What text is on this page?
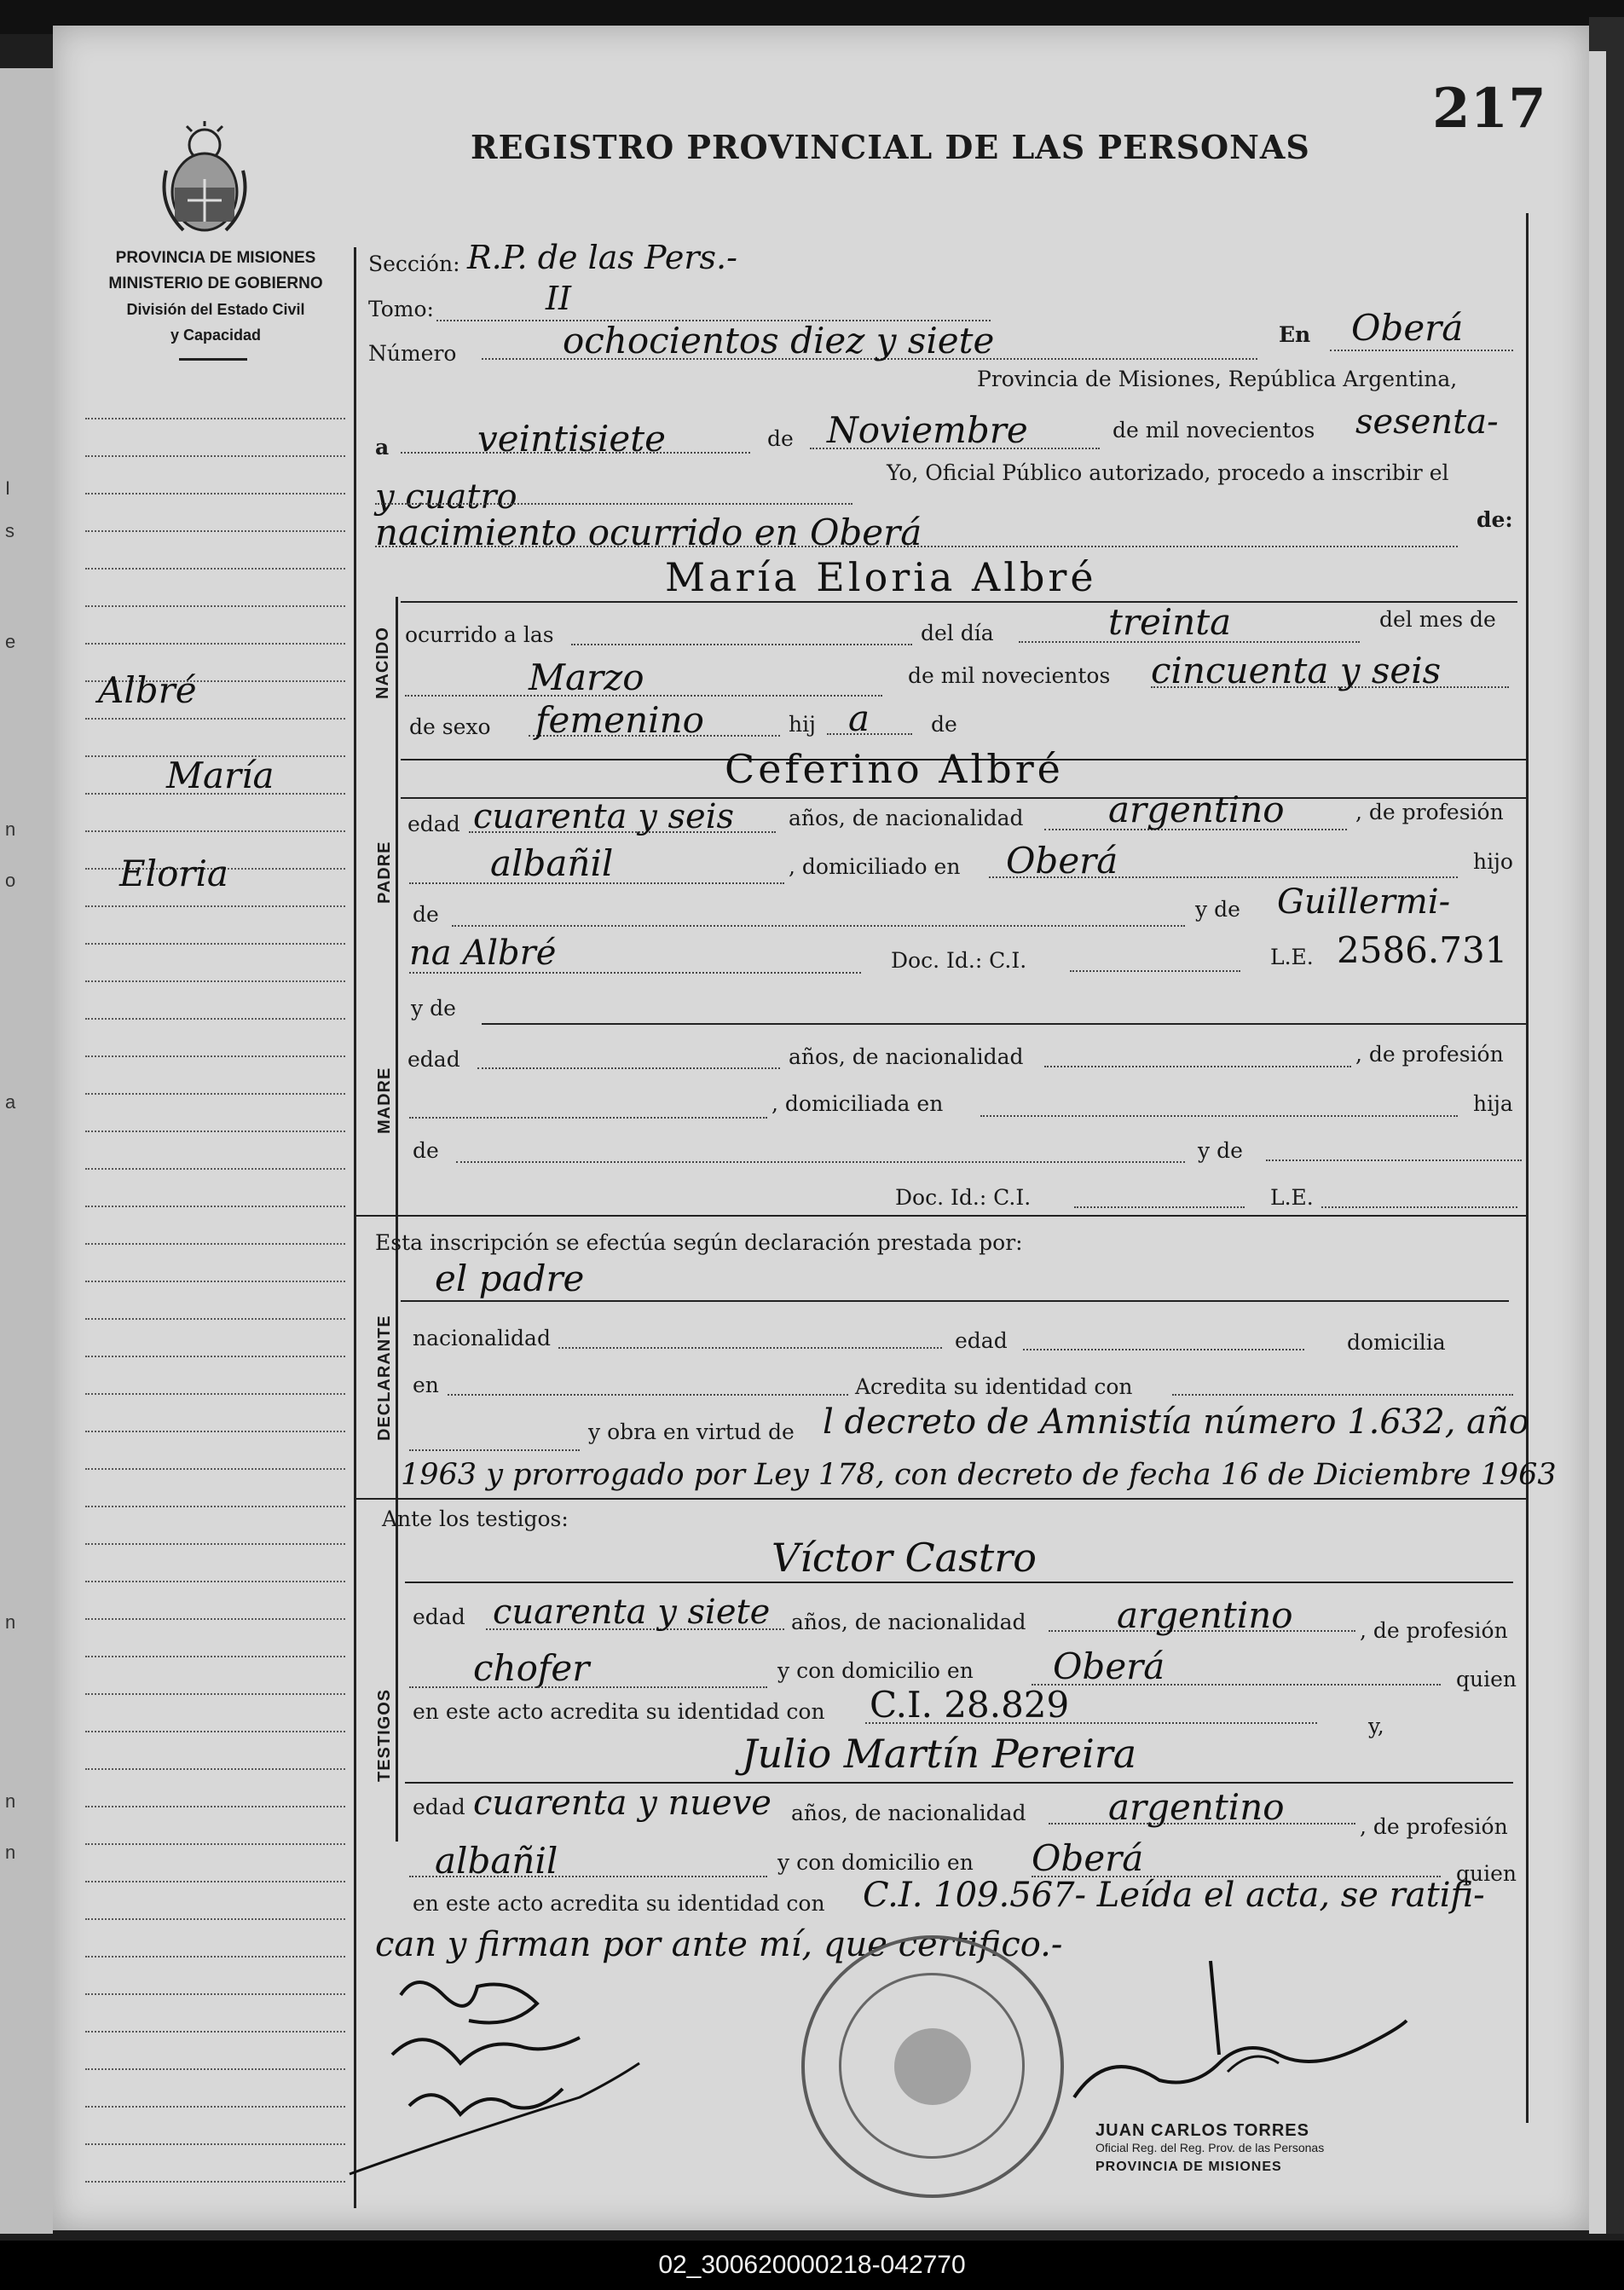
217
REGISTRO PROVINCIAL DE LAS PERSONAS
PROVINCIA DE MISIONES
MINISTERIO DE GOBIERNO
División del Estado Civil
y Capacidad
Albré
María
Eloria
I
s
e
n
o
a
n
n
n
Sección: R.P. de las Pers.-
Tomo:	II
Número	ochocientos diez y siete	En Oberá
Provincia de Misiones, República Argentina,
a veintisiete	de Noviembre	de mil novecientos sesenta-
y cuatro
Yo, Oficial Público autorizado, procedo a inscribir el
nacimiento ocurrido en Oberá	de:
María Eloria Albré
NACIDO ocurrido a las	del día	treinta	del mes de
Marzo	de mil novecientos cincuenta y seis
de sexo femenino	hij a	de
PADRE
Ceferino Albré
edad cuarenta y seis	años, de nacionalidad argentino	, de profesión
albañil	, domiciliado en Oberá	hijo
de	y de Guillermi-
na Albré	Doc. Id.: C.I.	L.E. 2586.731
MADRE
y de
edad	años, de nacionalidad	, de profesión
, domiciliada en	hija
de	y de
Doc. Id.: C.I.	L.E.
Esta inscripción se efectúa según declaración prestada por:
DECLARANTE
el padre
nacionalidad	edad	domicilia
en	Acredita su identidad con
y obra en virtud de l decreto de Amnistía número 1.632, año
1963 y prorrogado por Ley 178, con decreto de fecha 16 de Diciembre 1963
Ante los testigos:
TESTIGOS
Víctor Castro
edad cuarenta y siete años, de nacionalidad	argentino	, de profesión
chofer	y con domicilio en Oberá	quien
en este acto acredita su identidad con C.I. 28.829
y,
Julio Martín Pereira
edad cuarenta y nueve años, de nacionalidad argentino	, de profesión
albañil	y con domicilio en Oberá	quien
en este acto acredita su identidad con C.I. 109.567- Leída el acta, se ratifi-
can y firman por ante mí, que certifico.-
JUAN CARLOS TORRES
Oficial Reg. del Reg. Prov. de las Personas
PROVINCIA DE MISIONES
02_300620000218-042770
